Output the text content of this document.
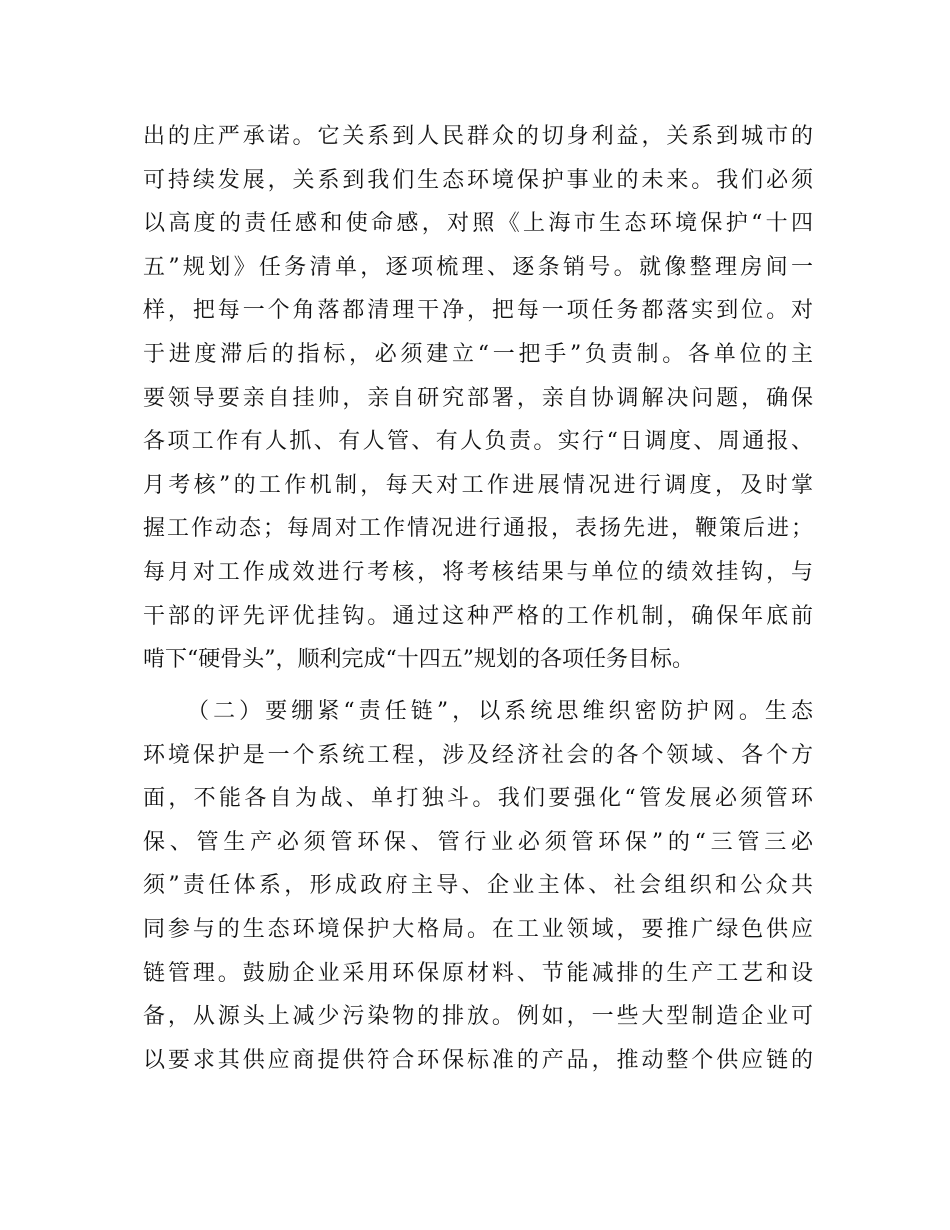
出的庄严承诺。它关系到人民群众的切身利益，关系到城市的
可持续发展，关系到我们生态环境保护事业的未来。我们必须
以高度的责任感和使命感，对照《上海市生态环境保护“十四
五”规划》任务清单，逐项梳理、逐条销号。就像整理房间一
样，把每一个角落都清理干净，把每一项任务都落实到位。对
于进度滞后的指标，必须建立“一把手”负责制。各单位的主
要领导要亲自挂帅，亲自研究部署，亲自协调解决问题，确保
各项工作有人抓、有人管、有人负责。实行“日调度、周通报、
月考核”的工作机制，每天对工作进展情况进行调度，及时掌
握工作动态；每周对工作情况进行通报，表扬先进，鞭策后进；
每月对工作成效进行考核，将考核结果与单位的绩效挂钩，与
干部的评先评优挂钩。通过这种严格的工作机制，确保年底前
啃下“硬骨头”，顺利完成“十四五”规划的各项任务目标。
（二）要绷紧“责任链”，以系统思维织密防护网。生态
环境保护是一个系统工程，涉及经济社会的各个领域、各个方
面，不能各自为战、单打独斗。我们要强化“管发展必须管环
保、管生产必须管环保、管行业必须管环保”的“三管三必
须”责任体系，形成政府主导、企业主体、社会组织和公众共
同参与的生态环境保护大格局。在工业领域，要推广绿色供应
链管理。鼓励企业采用环保原材料、节能减排的生产工艺和设
备，从源头上减少污染物的排放。例如，一些大型制造企业可
以要求其供应商提供符合环保标准的产品，推动整个供应链的
